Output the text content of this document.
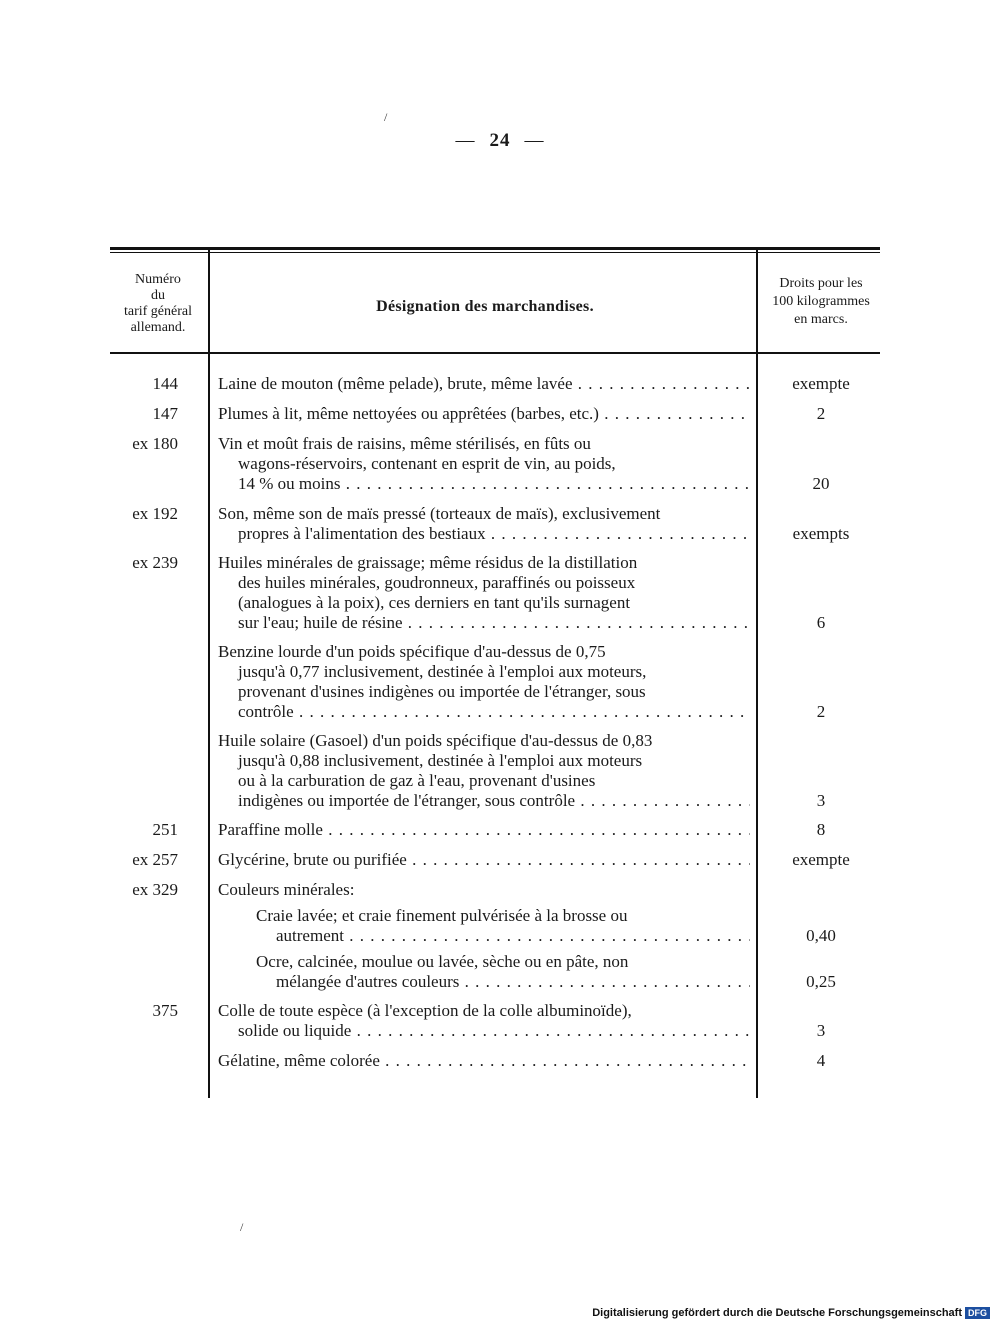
— 24 —
Numéro
du
tarif général
allemand.
Désignation des marchandises.
Droits pour les
100 kilogrammes
en marcs.
144 Laine de mouton (même pelade), brute, même lavée . . .	exempte
147 Plumes à lit, même nettoyées ou apprêtées (barbes, etc.) . . .	2
ex 180 Vin et moût frais de raisins, même stérilisés, en fûts ou
wagons-réservoirs, contenant en esprit de vin, au poids,
14 % ou moins . . .	20
ex 192 Son, même son de maïs pressé (torteaux de maïs), exclusivement
propres à l'alimentation des bestiaux . . .	exempts
ex 239 Huiles minérales de graissage; même résidus de la distillation
des huiles minérales, goudronneux, paraffinés ou poisseux
(analogues à la poix), ces derniers en tant qu'ils surnagent
sur l'eau; huile de résine . . .	6
Benzine lourde d'un poids spécifique d'au-dessus de 0,75
jusqu'à 0,77 inclusivement, destinée à l'emploi aux moteurs,
provenant d'usines indigènes ou importée de l'étranger, sous
contrôle . . .	2
Huile solaire (Gasoel) d'un poids spécifique d'au-dessus de 0,83
jusqu'à 0,88 inclusivement, destinée à l'emploi aux moteurs
ou à la carburation de gaz à l'eau, provenant d'usines
indigènes ou importée de l'étranger, sous contrôle . . .	3
251 Paraffine molle . . .	8
ex 257 Glycérine, brute ou purifiée . . .	exempte
ex 329 Couleurs minérales:
Craie lavée; et craie finement pulvérisée à la brosse ou
autrement . . .	0,40
Ocre, calcinée, moulue ou lavée, sèche ou en pâte, non
mélangée d'autres couleurs . . .	0,25
375 Colle de toute espèce (à l'exception de la colle albuminoïde),
solide ou liquide . . .	3
Gélatine, même colorée . . .	4
/
/
Digitalisierung gefördert durch die Deutsche Forschungsgemeinschaft DFG
